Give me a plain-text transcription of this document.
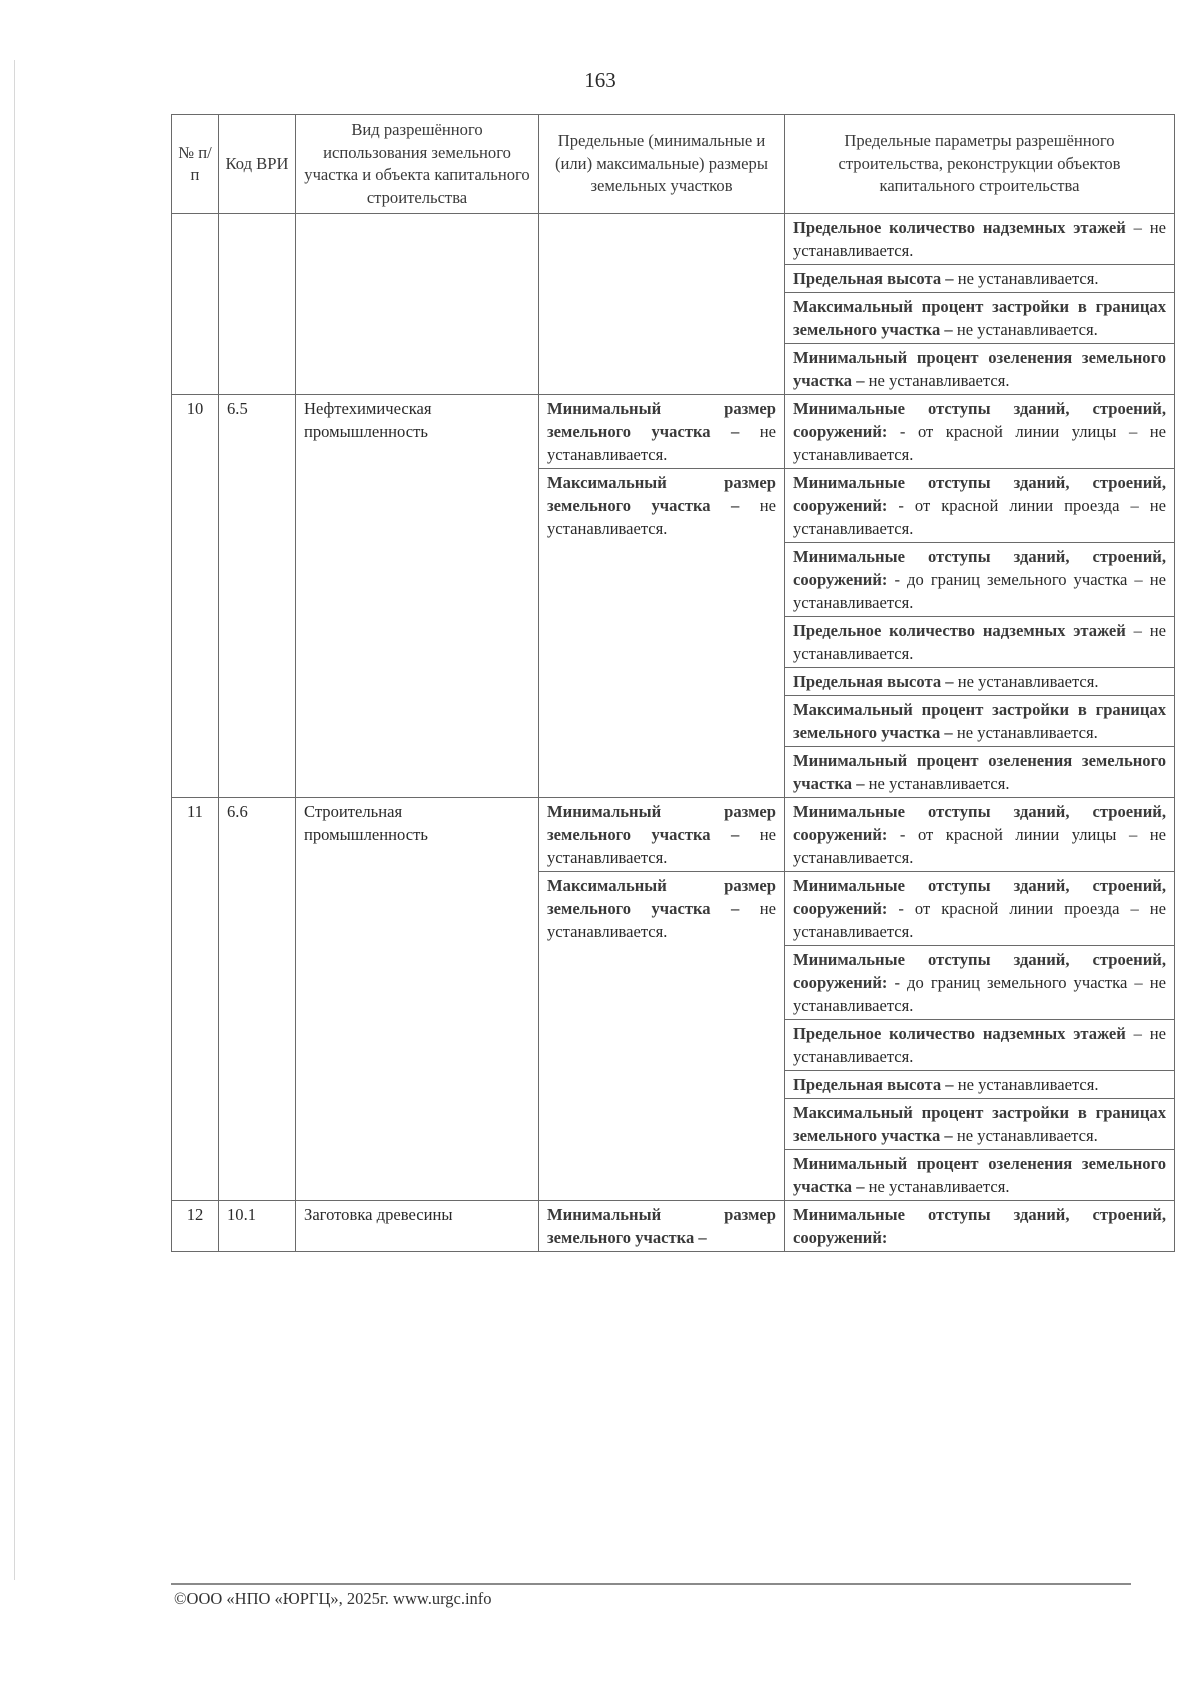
163
№ п/п	Код ВРИ	Вид разрешённого использования земельного участка и объекта капитального строительства	Предельные (минимальные и (или) максимальные) размеры земельных участков	Предельные параметры разрешённого строительства, реконструкции объектов капитального строительства
				Предельное количество надземных этажей – не устанавливается.
				Предельная высота – не устанавливается.
				Максимальный процент застройки в границах земельного участка – не устанавливается.
				Минимальный процент озеленения земельного участка – не устанавливается.
10	6.5	Нефтехимическая промышленность	Минимальный размер земельного участка – не устанавливается.	Минимальные отступы зданий, строений, сооружений: - от красной линии улицы – не устанавливается.
			Максимальный размер земельного участка – не устанавливается.	Минимальные отступы зданий, строений, сооружений: - от красной линии проезда – не устанавливается.
				Минимальные отступы зданий, строений, сооружений: - до границ земельного участка – не устанавливается.
				Предельное количество надземных этажей – не устанавливается.
				Предельная высота – не устанавливается.
				Максимальный процент застройки в границах земельного участка – не устанавливается.
				Минимальный процент озеленения земельного участка – не устанавливается.
11	6.6	Строительная промышленность	Минимальный размер земельного участка – не устанавливается.	Минимальные отступы зданий, строений, сооружений: - от красной линии улицы – не устанавливается.
			Максимальный размер земельного участка – не устанавливается.	Минимальные отступы зданий, строений, сооружений: - от красной линии проезда – не устанавливается.
				Минимальные отступы зданий, строений, сооружений: - до границ земельного участка – не устанавливается.
				Предельное количество надземных этажей – не устанавливается.
				Предельная высота – не устанавливается.
				Максимальный процент застройки в границах земельного участка – не устанавливается.
				Минимальный процент озеленения земельного участка – не устанавливается.
12	10.1	Заготовка древесины	Минимальный размер земельного участка –	Минимальные отступы зданий, строений, сооружений:
©ООО «НПО «ЮРГЦ», 2025г. www.urgc.info
